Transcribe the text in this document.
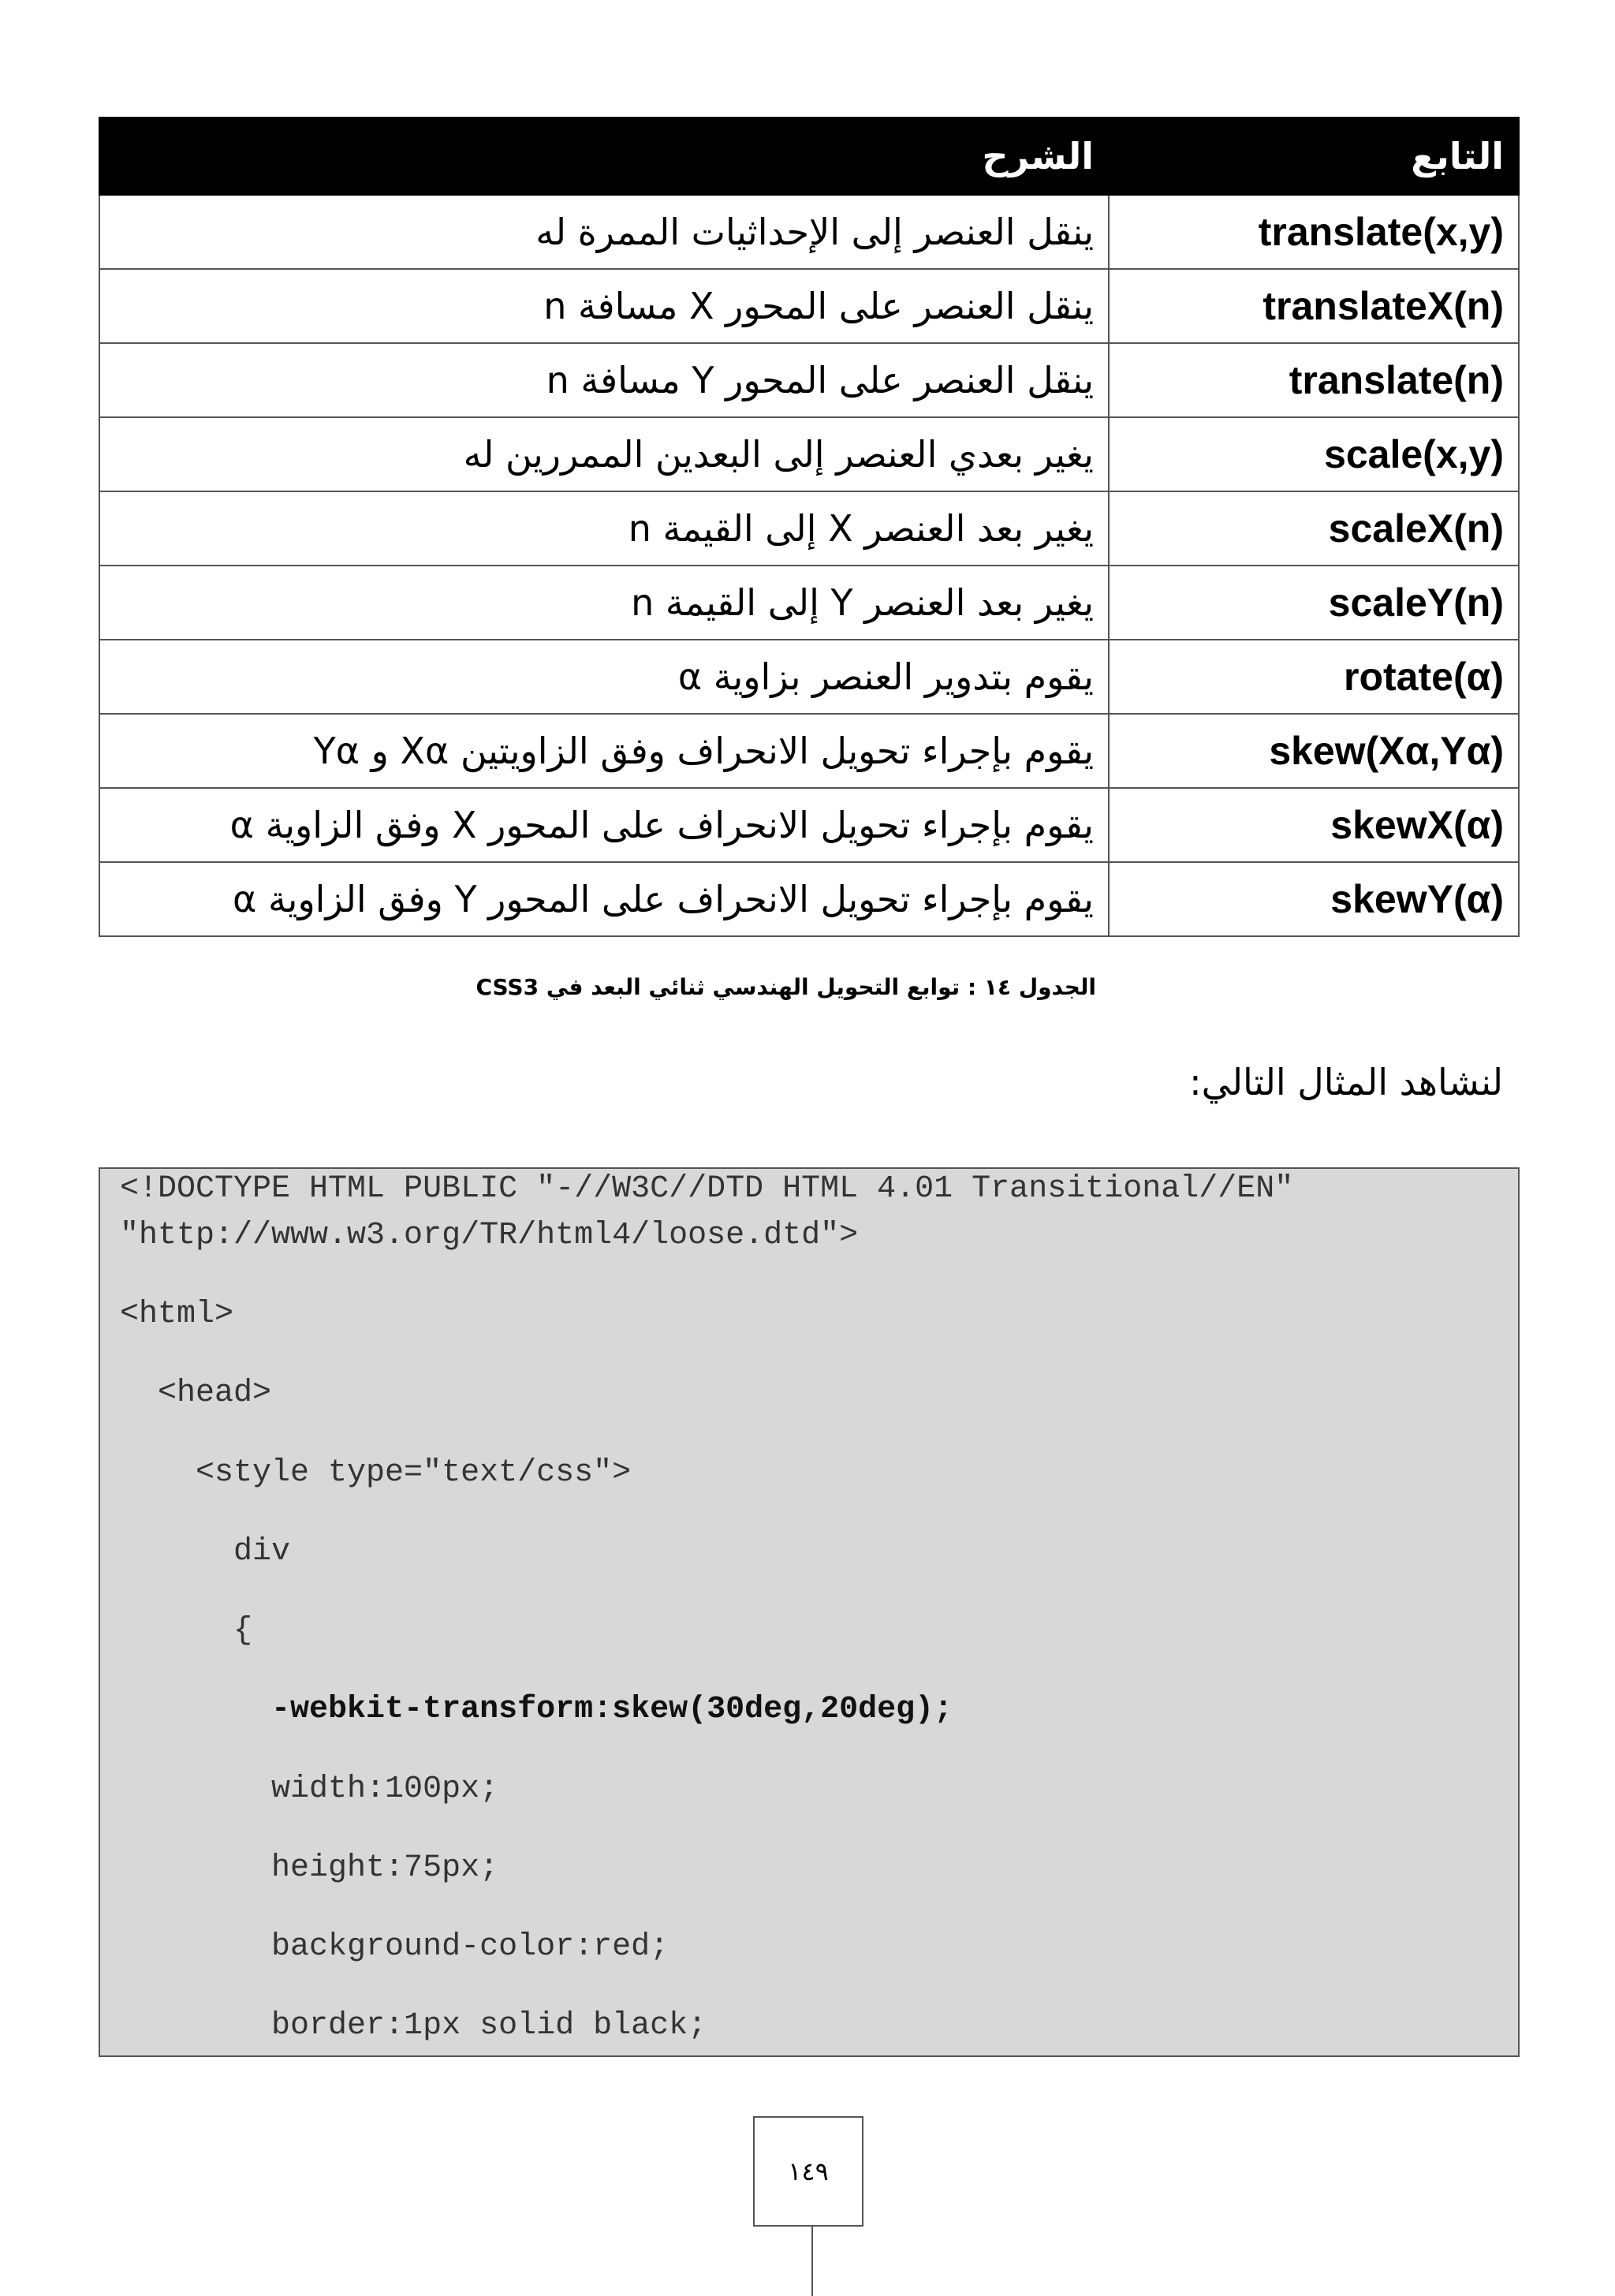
التابع	الشرح
translate(x,y)	ينقل العنصر إلى الإحداثيات الممرة له
translateX(n)	ينقل العنصر على المحور X مسافة n
translate(n)	ينقل العنصر على المحور Y مسافة n
scale(x,y)	يغير بعدي العنصر إلى البعدين الممررين له
scaleX(n)	يغير بعد العنصر X إلى القيمة n
scaleY(n)	يغير بعد العنصر Y إلى القيمة n
rotate(α)	يقوم بتدوير العنصر بزاوية α
skew(Xα,Yα)	يقوم بإجراء تحويل الانحراف وفق الزاويتين Xα و Yα
skewX(α)	يقوم بإجراء تحويل الانحراف على المحور X وفق الزاوية α
skewY(α)	يقوم بإجراء تحويل الانحراف على المحور Y وفق الزاوية α
الجدول ١٤ : توابع التحويل الهندسي ثنائي البعد في CSS3
لنشاهد المثال التالي:
<!DOCTYPE HTML PUBLIC "-//W3C//DTD HTML 4.01 Transitional//EN"
"http://www.w3.org/TR/html4/loose.dtd">
<html>
<head>
<style type="text/css">
div
{
-webkit-transform:skew(30deg,20deg);
width:100px;
height:75px;
background-color:red;
border:1px solid black;
١٤٩
